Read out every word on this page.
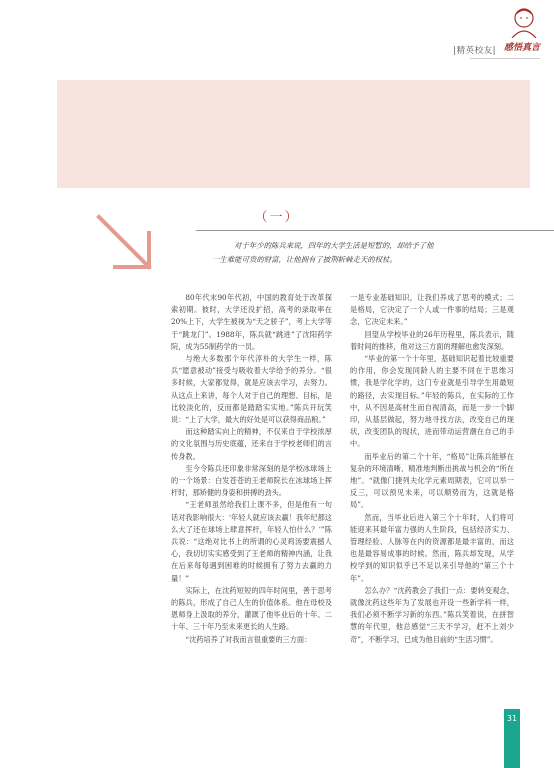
|精英校友| 感悟真言
（一）

对于年少的陈兵来说，四年的大学生活是短暂的，却给予了他

一生难能可贵的财富，让他拥有了披荆斩棘走天的权杖。

80年代末90年代初，中国的教育处于改革探索初期。彼时，大学还没扩招，高考的录取率在20%上下，大学生被视为“天之骄子”，考上大学等于“跳龙门”。1988年，陈兵就“跳进”了沈阳药学院，成为55制药学的一员。

与绝大多数那个年代淳朴的大学生一样，陈兵“愿意被动”接受与吸收着大学给予的养分。“很多时候，大家都觉得，就是应该去学习，去努力。从这点上来讲，每个人对于自己的理想、目标，是比较淡化的，反而都是踏踏实实地。”陈兵开玩笑说：“上了大学，最大的好处是可以获得商品粮。”

而这种踏实向上的精神，不仅来自于学校浓厚的文化氛围与历史底蕴，还来自于学校老师们的言传身教。

至今令陈兵还印象非常深刻的是学校冰球场上的一个场景：白发苍苍的王老师院长在冰球场上挥杆时，那矫健的身姿和拼搏的劲头。

“王老师虽然给我们上课不多，但是他有一句话对我影响很大：‘年轻人就应该去赢！我年纪都这么大了还在球场上肆意挥杆，年轻人怕什么？’”陈兵说：“这绝对比书上的所谓的心灵鸡汤要震撼人心，我切切实实感受到了王老师的精神内涵，让我在后来每每遇到困难的时候拥有了努力去赢的力量！”

实际上，在沈药短短的四年时间里，善于思考的陈兵，形成了自己人生的价值体系。他在母校及恩师身上汲取的养分，灌溉了他毕业后的十年、二十年、三十年乃至未来更长的人生路。

“沈药培养了对我而言很重要的三方面：

一是专业基础知识，让我们养成了思考的模式；二是格局，它决定了一个人或一件事的结局；三是观念，它决定未来。”

回望从学校毕业的26年历程里，陈兵表示，随着时间的推移，他对这三方面的理解也愈发深刻。

“毕业的第一个十年里，基础知识起着比较重要的作用，你会发现同龄人的主要不同在于思维习惯，我是学化学的，这门专业就是引导学生用最短的路径，去实现目标。”年轻的陈兵，在实际的工作中，从不因是高材生而自视清高，而是一步一个脚印，从基层做起，努力地寻找方法，改变自己的现状，改变团队的现状，进而带动运营潮在自己的手中。

而毕业后的第二个十年，“格局”让陈兵能够在复杂的环境清晰、精准地判断出挑战与机会的“所在地”。“就像门捷列夫化学元素周期表，它可以举一反三，可以预见未来，可以顺势而为，这就是格局”。

然而，当毕业后进入第三个十年时，人们将可能迎来其最年富力强的人生阶段，包括经济实力、管理经验、人脉等在内的资源都是最丰富的，而这也是最容易成事的时候。然而，陈兵却发现，从学校学到的知识似乎已不足以来引导他的“第三个十年”。

怎么办？“沈药教会了我们一点：要转变观念，就像沈药这些年为了发展也开设一些新学科一样，我们必须不断学习新的东西。”陈兵笑着说，在拼智慧的年代里，他总感觉“三天不学习，赶不上刘少奇”，不断学习，已成为他目前的“生活习惯”。

31
